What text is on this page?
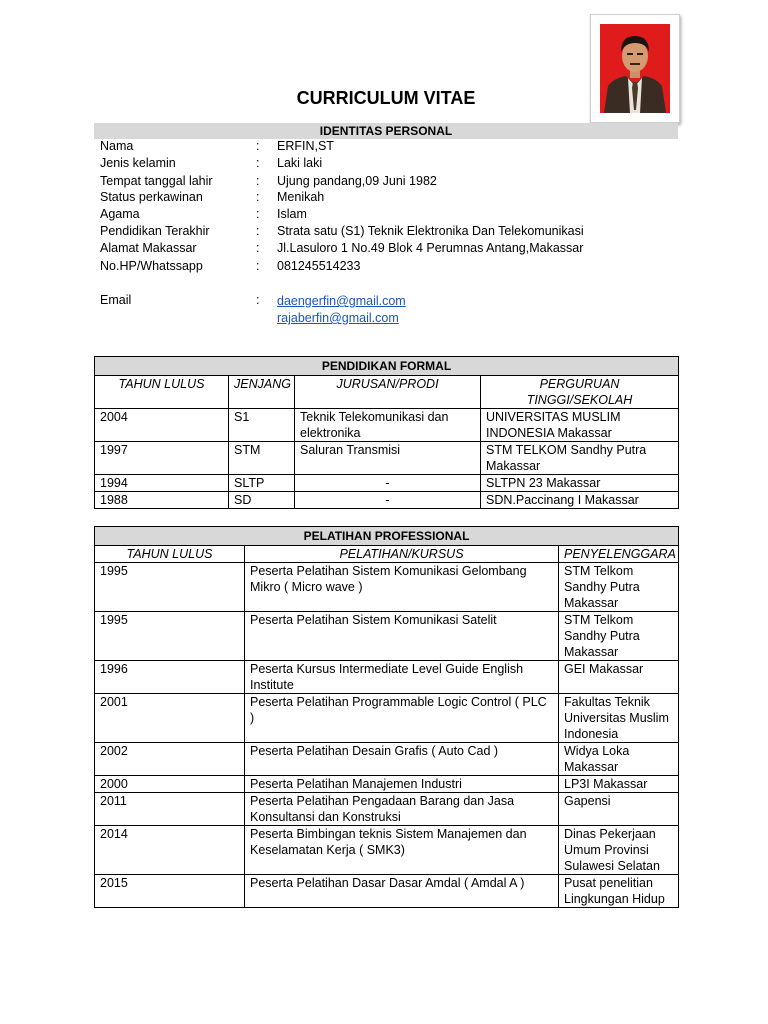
CURRICULUM VITAE
IDENTITAS PERSONAL
Nama	: ERFIN,ST
Jenis kelamin	: Laki laki
Tempat tanggal lahir	: Ujung pandang,09 Juni 1982
Status perkawinan	: Menikah
Agama	: Islam
Pendidikan Terakhir	: Strata satu (S1) Teknik Elektronika Dan Telekomunikasi
Alamat Makassar	: Jl.Lasuloro 1 No.49 Blok 4 Perumnas Antang,Makassar
No.HP/Whatssapp	: 081245514233
Email	: daengerfin@gmail.com
rajaberfin@gmail.com
PENDIDIKAN FORMAL			
TAHUN LULUS	JENJANG	JURUSAN/PRODI	PERGURUAN TINGGI/SEKOLAH
2004	S1	Teknik Telekomunikasi dan elektronika	UNIVERSITAS MUSLIM INDONESIA Makassar
1997	STM	Saluran Transmisi	STM TELKOM Sandhy Putra Makassar
1994	SLTP	-	SLTPN 23 Makassar
1988	SD	-	SDN.Paccinang I Makassar
PELATIHAN PROFESSIONAL		
TAHUN LULUS	PELATIHAN/KURSUS	PENYELENGGARA
1995	Peserta Pelatihan Sistem Komunikasi Gelombang Mikro ( Micro wave )	STM Telkom Sandhy Putra Makassar
1995	Peserta Pelatihan Sistem Komunikasi Satelit	STM Telkom Sandhy Putra Makassar
1996	Peserta Kursus Intermediate Level Guide English Institute	GEI Makassar
2001	Peserta Pelatihan Programmable Logic Control ( PLC )	Fakultas Teknik Universitas Muslim Indonesia
2002	Peserta Pelatihan Desain Grafis ( Auto Cad )	Widya Loka Makassar
2000	Peserta Pelatihan Manajemen Industri	LP3I Makassar
2011	Peserta Pelatihan Pengadaan Barang dan Jasa Konsultansi dan Konstruksi	Gapensi
2014	Peserta Bimbingan teknis Sistem Manajemen dan Keselamatan Kerja ( SMK3)	Dinas Pekerjaan Umum Provinsi Sulawesi Selatan
2015	Peserta Pelatihan Dasar Dasar Amdal ( Amdal A )	Pusat penelitian Lingkungan Hidup
